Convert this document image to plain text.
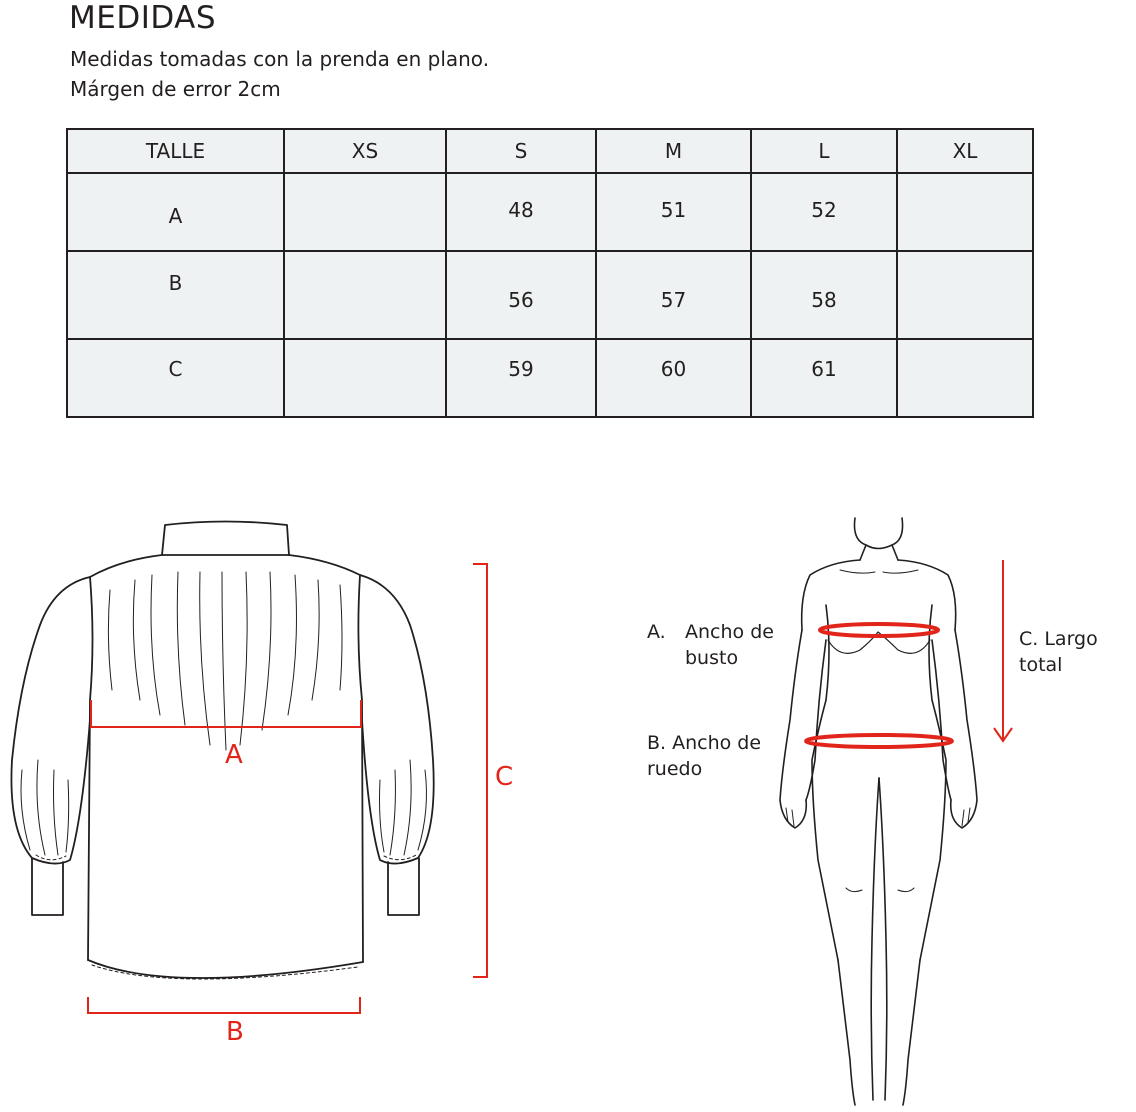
MEDIDAS
Medidas tomadas con la prenda en plano.
Márgen de error 2cm
TALLE	XS	S	M	L	XL
A		48	51	52	
B		56	57	58	
C		59	60	61	
A
B
C
A. Ancho de
busto
B. Ancho de
ruedo
C. Largo
total
